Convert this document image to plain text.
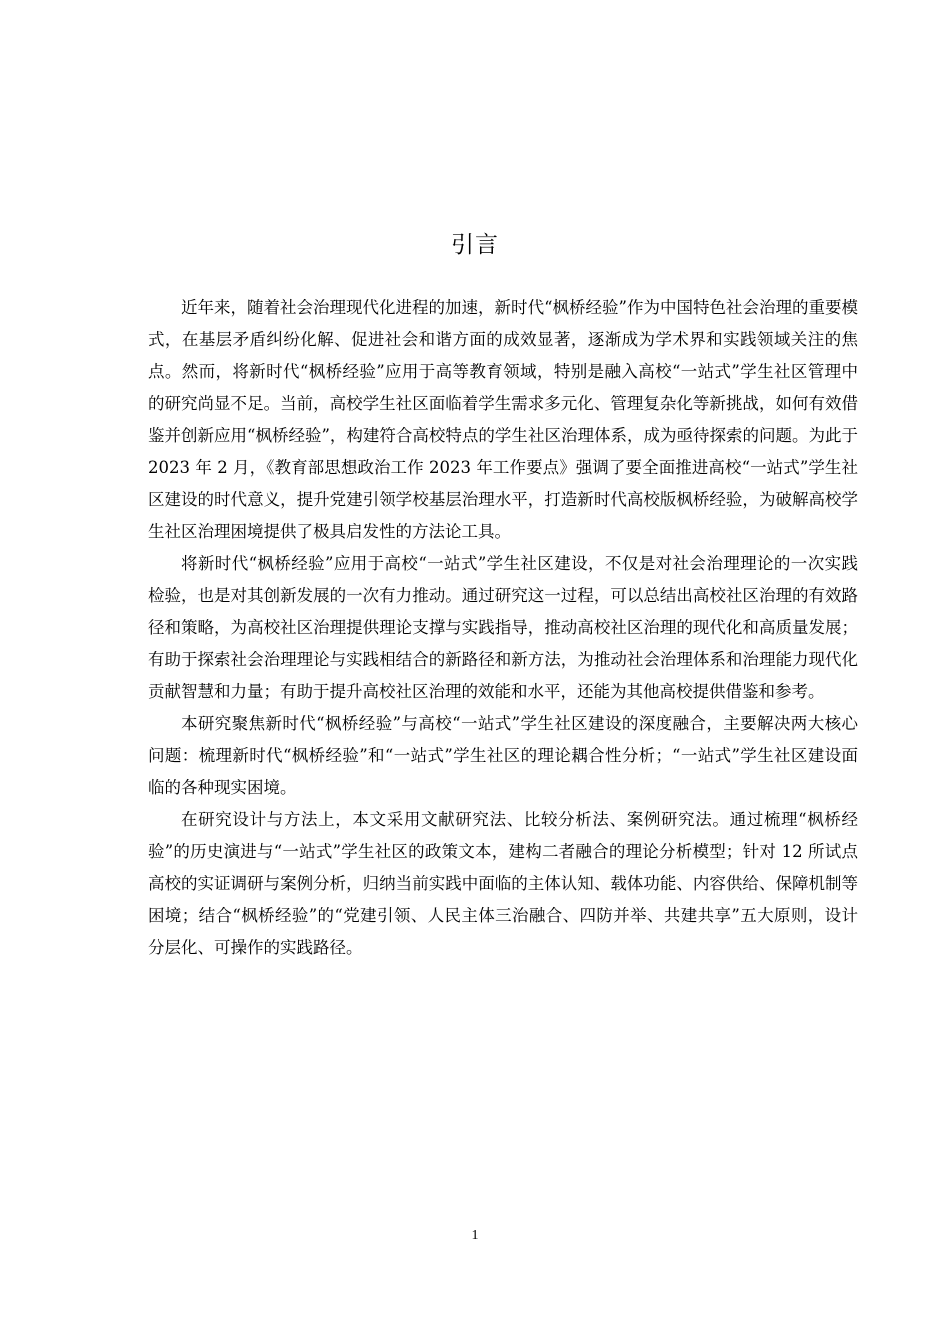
引言

近年来，随着社会治理现代化进程的加速，新时代“枫桥经验”作为中国特色社会治理的重要模式，在基层矛盾纠纷化解、促进社会和谐方面的成效显著，逐渐成为学术界和实践领域关注的焦点。然而，将新时代“枫桥经验”应用于高等教育领域，特别是融入高校“一站式”学生社区管理中的研究尚显不足。当前，高校学生社区面临着学生需求多元化、管理复杂化等新挑战，如何有效借鉴并创新应用“枫桥经验”，构建符合高校特点的学生社区治理体系，成为亟待探索的问题。为此于 2023 年 2 月，《教育部思想政治工作 2023 年工作要点》强调了要全面推进高校“一站式”学生社区建设的时代意义，提升党建引领学校基层治理水平，打造新时代高校版枫桥经验，为破解高校学生社区治理困境提供了极具启发性的方法论工具。

将新时代“枫桥经验”应用于高校“一站式”学生社区建设，不仅是对社会治理理论的一次实践检验，也是对其创新发展的一次有力推动。通过研究这一过程，可以总结出高校社区治理的有效路径和策略，为高校社区治理提供理论支撑与实践指导，推动高校社区治理的现代化和高质量发展；有助于探索社会治理理论与实践相结合的新路径和新方法，为推动社会治理体系和治理能力现代化贡献智慧和力量；有助于提升高校社区治理的效能和水平，还能为其他高校提供借鉴和参考。

本研究聚焦新时代“枫桥经验”与高校“一站式”学生社区建设的深度融合，主要解决两大核心问题：梳理新时代“枫桥经验”和“一站式”学生社区的理论耦合性分析；“一站式”学生社区建设面临的各种现实困境。

在研究设计与方法上，本文采用文献研究法、比较分析法、案例研究法。通过梳理“枫桥经验”的历史演进与“一站式”学生社区的政策文本，建构二者融合的理论分析模型；针对 12 所试点高校的实证调研与案例分析，归纳当前实践中面临的主体认知、载体功能、内容供给、保障机制等困境；结合“枫桥经验”的“党建引领、人民主体三治融合、四防并举、共建共享”五大原则，设计分层化、可操作的实践路径。

1
